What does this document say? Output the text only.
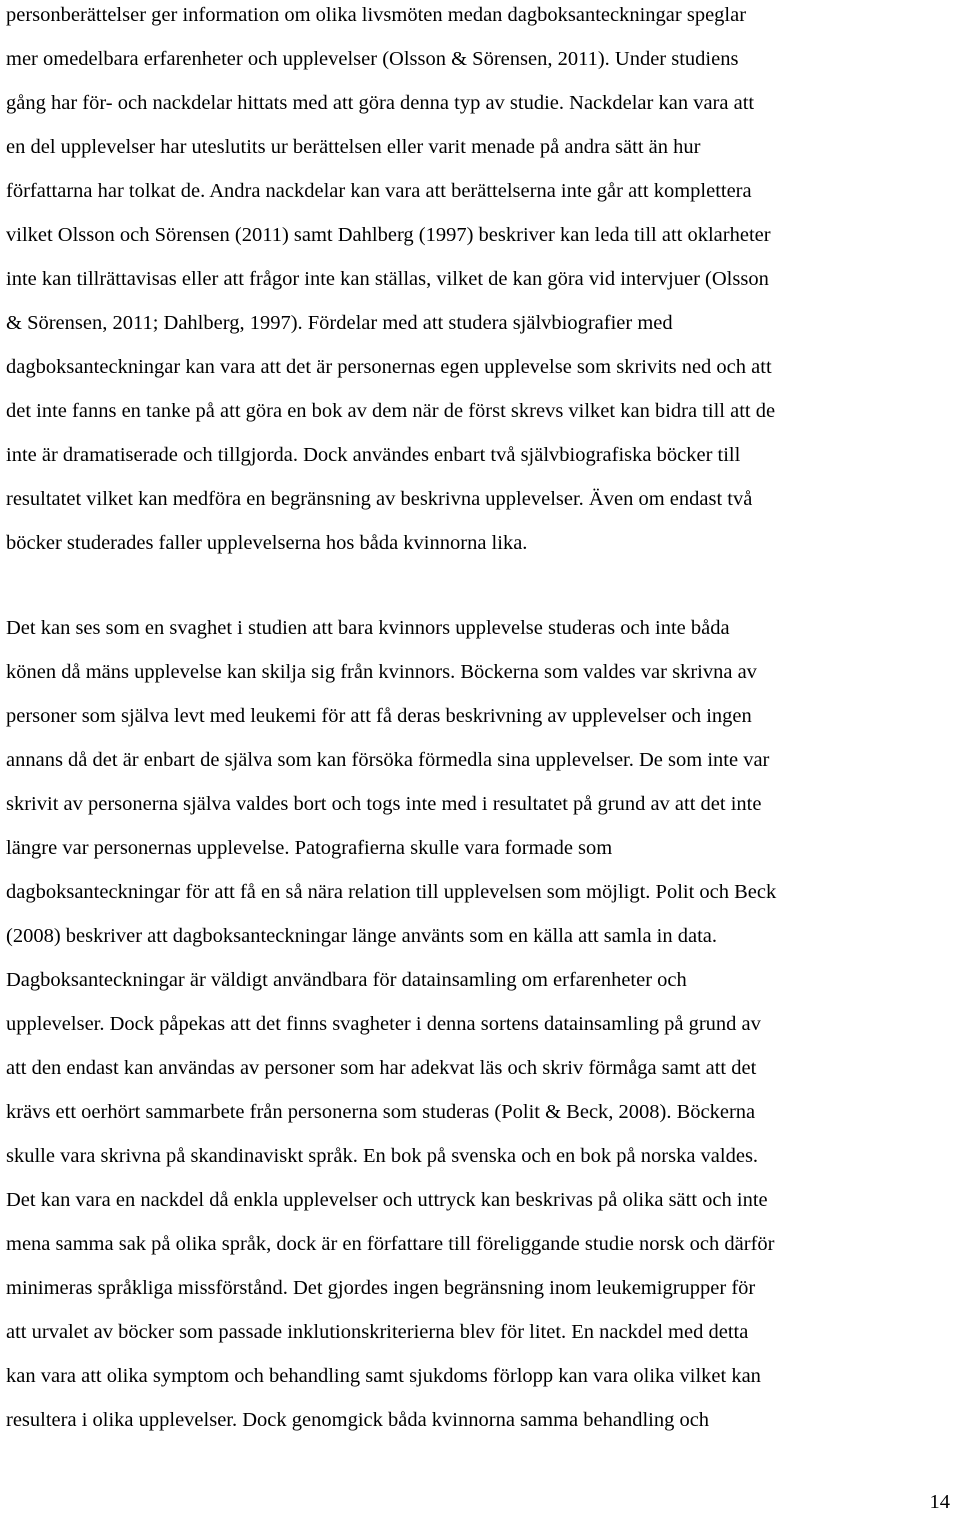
personberättelser ger information om olika livsmöten medan dagboksanteckningar speglar
mer omedelbara erfarenheter och upplevelser (Olsson & Sörensen, 2011). Under studiens
gång har för- och nackdelar hittats med att göra denna typ av studie. Nackdelar kan vara att
en del upplevelser har uteslutits ur berättelsen eller varit menade på andra sätt än hur
författarna har tolkat de. Andra nackdelar kan vara att berättelserna inte går att komplettera
vilket Olsson och Sörensen (2011) samt Dahlberg (1997) beskriver kan leda till att oklarheter
inte kan tillrättavisas eller att frågor inte kan ställas, vilket de kan göra vid intervjuer (Olsson
& Sörensen, 2011; Dahlberg, 1997). Fördelar med att studera självbiografier med
dagboksanteckningar kan vara att det är personernas egen upplevelse som skrivits ned och att
det inte fanns en tanke på att göra en bok av dem när de först skrevs vilket kan bidra till att de
inte är dramatiserade och tillgjorda. Dock användes enbart två självbiografiska böcker till
resultatet vilket kan medföra en begränsning av beskrivna upplevelser. Även om endast två
böcker studerades faller upplevelserna hos båda kvinnorna lika.

Det kan ses som en svaghet i studien att bara kvinnors upplevelse studeras och inte båda
könen då mäns upplevelse kan skilja sig från kvinnors. Böckerna som valdes var skrivna av
personer som själva levt med leukemi för att få deras beskrivning av upplevelser och ingen
annans då det är enbart de själva som kan försöka förmedla sina upplevelser. De som inte var
skrivit av personerna själva valdes bort och togs inte med i resultatet på grund av att det inte
längre var personernas upplevelse. Patografierna skulle vara formade som
dagboksanteckningar för att få en så nära relation till upplevelsen som möjligt. Polit och Beck
(2008) beskriver att dagboksanteckningar länge använts som en källa att samla in data.
Dagboksanteckningar är väldigt användbara för datainsamling om erfarenheter och
upplevelser. Dock påpekas att det finns svagheter i denna sortens datainsamling på grund av
att den endast kan användas av personer som har adekvat läs och skriv förmåga samt att det
krävs ett oerhört sammarbete från personerna som studeras (Polit & Beck, 2008). Böckerna
skulle vara skrivna på skandinaviskt språk. En bok på svenska och en bok på norska valdes.
Det kan vara en nackdel då enkla upplevelser och uttryck kan beskrivas på olika sätt och inte
mena samma sak på olika språk, dock är en författare till föreliggande studie norsk och därför
minimeras språkliga missförstånd. Det gjordes ingen begränsning inom leukemigrupper för
att urvalet av böcker som passade inklutionskriterierna blev för litet. En nackdel med detta
kan vara att olika symptom och behandling samt sjukdoms förlopp kan vara olika vilket kan
resultera i olika upplevelser. Dock genomgick båda kvinnorna samma behandling och

14
